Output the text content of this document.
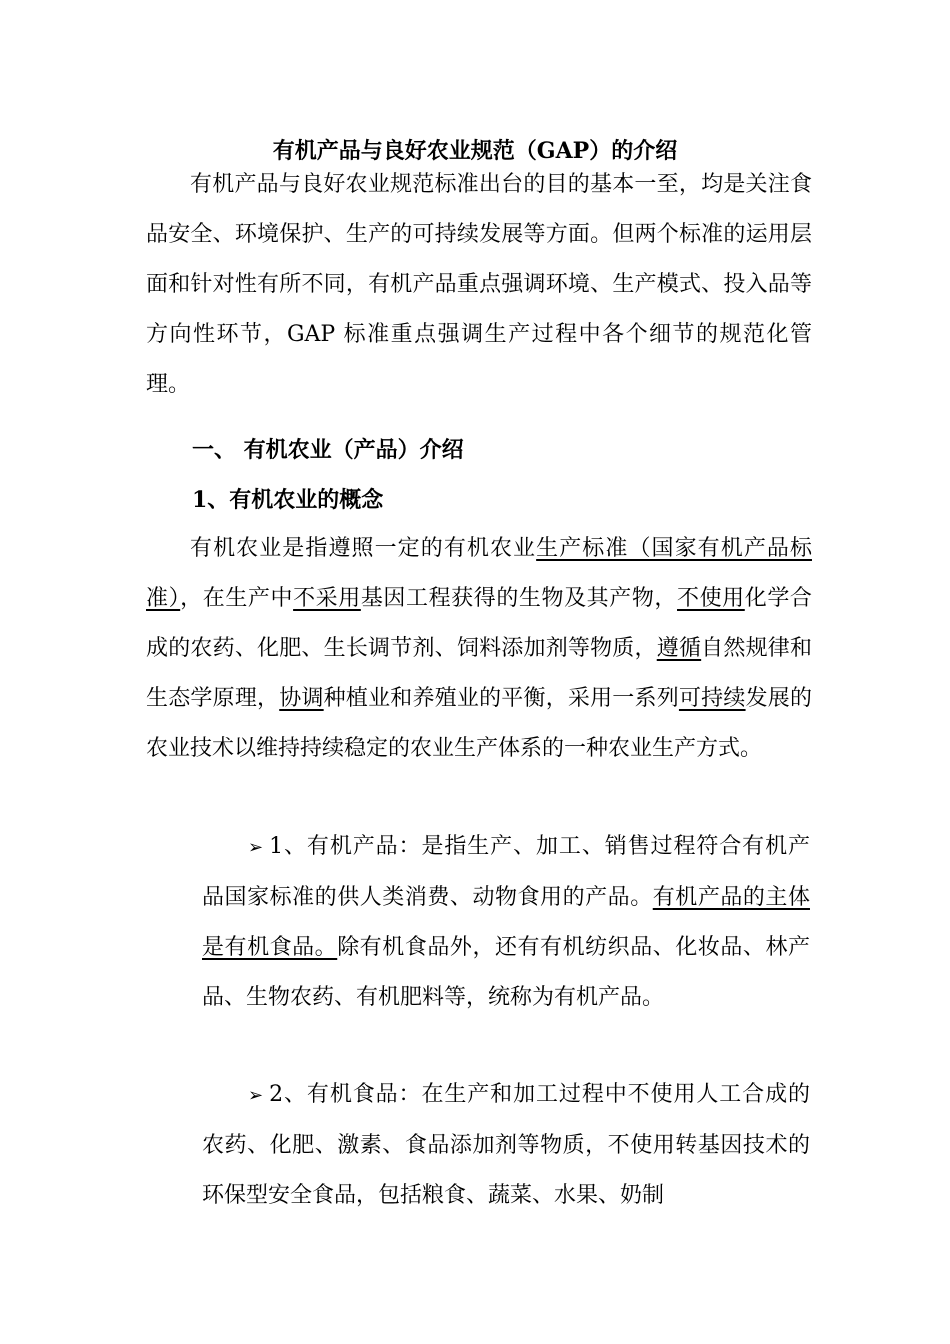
有机产品与良好农业规范（GAP）的介绍

有机产品与良好农业规范标准出台的目的基本一至，均是关注食品安全、环境保护、生产的可持续发展等方面。但两个标准的运用层面和针对性有所不同，有机产品重点强调环境、生产模式、投入品等方向性环节，GAP 标准重点强调生产过程中各个细节的规范化管理。

一、 有机农业（产品）介绍
1、有机农业的概念

有机农业是指遵照一定的有机农业生产标准（国家有机产品标准），在生产中不采用基因工程获得的生物及其产物，不使用化学合成的农药、化肥、生长调节剂、饲料添加剂等物质，遵循自然规律和生态学原理，协调种植业和养殖业的平衡，采用一系列可持续发展的农业技术以维持持续稳定的农业生产体系的一种农业生产方式。

➢ 1、有机产品：是指生产、加工、销售过程符合有机产品国家标准的供人类消费、动物食用的产品。有机产品的主体是有机食品。除有机食品外，还有有机纺织品、化妆品、林产品、生物农药、有机肥料等，统称为有机产品。

➢ 2、有机食品：在生产和加工过程中不使用人工合成的农药、化肥、激素、食品添加剂等物质，不使用转基因技术的环保型安全食品，包括粮食、蔬菜、水果、奶制
